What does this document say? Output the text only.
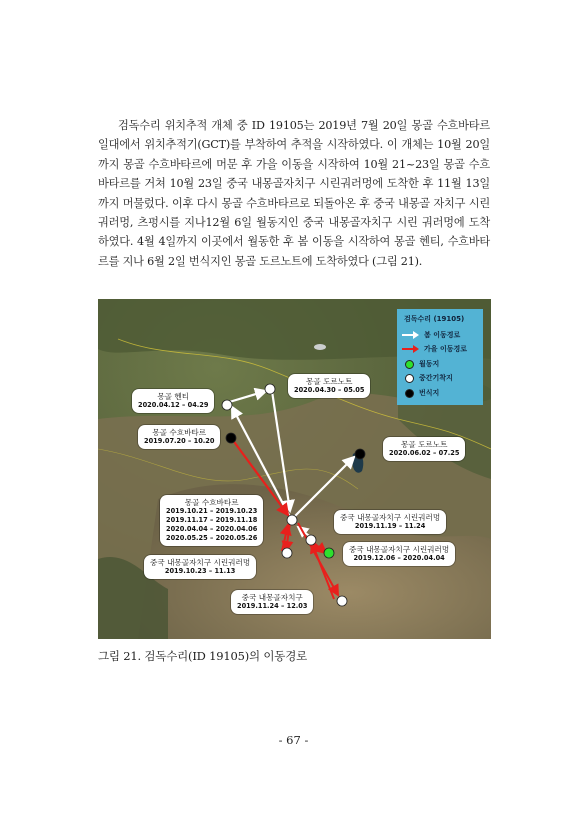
검독수리 위치추적 개체 중 ID 19105는 2019년 7월 20일 몽골 수흐바타르 일대에서 위치추적기(GCT)를 부착하여 추적을 시작하였다. 이 개체는 10월 20일까지 몽골 수흐바타르에 머문 후 가을 이동을 시작하여 10월 21~23일 몽골 수흐바타르를 거쳐 10월 23일 중국 내몽골자치구 시린궈러멍에 도착한 후 11월 13일까지 머물렀다. 이후 다시 몽골 수흐바타르로 되돌아온 후 중국 내몽골 자치구 시린궈러멍, 츠펑시를 지나12월 6일 월동지인 중국 내몽골자치구 시린 궈러멍에 도착하였다. 4월 4일까지 이곳에서 월동한 후 봄 이동을 시작하여 몽골 헨티, 수흐바타르를 지나 6월 2일 번식지인 몽골 도르노트에 도착하였다 (그림 21).

검독수리 (19105)
봄 이동경로
가을 이동경로
월동지
중간기착지
번식지
몽골 도르노트
2020.04.30 – 05.05
몽골 헨티
2020.04.12 – 04.29
몽골 수흐바타르
2019.07.20 – 10.20	몽골 도르노트
2020.06.02 – 07.25
몽골 수흐바타르
2019.10.21 – 2019.10.23
2019.11.17 – 2019.11.18
2020.04.04 – 2020.04.06
2020.05.25 – 2020.05.26
중국 내몽골자치구 시린궈러멍
2019.11.19 – 11.24
중국 내몽골자치구 시린궈러멍
2019.12.06 – 2020.04.04
중국 내몽골자치구 시린궈러멍
2019.10.23 – 11.13
중국 내몽골자치구
2019.11.24 – 12.03
그림 21. 검독수리(ID 19105)의 이동경로
- 67 -
